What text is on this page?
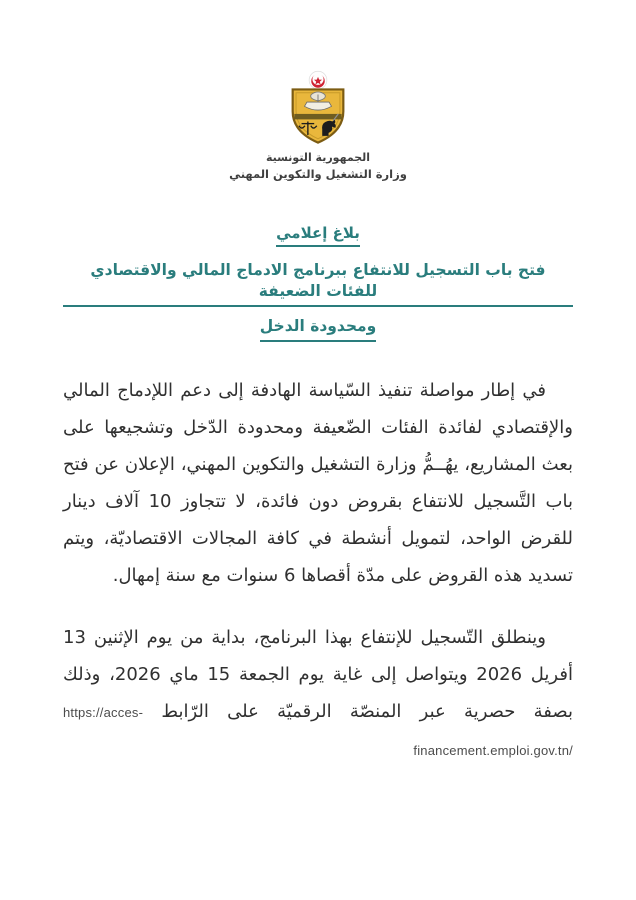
الجمهورية التونسية
وزارة التشغيل والتكوين المهني
بلاغ إعلامي
فتح باب التسجيل للانتفاع ببرنامج الادماج المالي والاقتصادي للفئات الضعيفة
ومحدودة الدخل

في إطار مواصلة تنفيذ السّياسة الهادفة إلى دعم اللإدماج المالي والإقتصادي لفائدة الفئات الضّعيفة ومحدودة الدّخل وتشجيعها على بعث المشاريع، يهُــمُّ وزارة التشغيل والتكوين المهني، الإعلان عن فتح باب التَّسجيل للانتفاع بقروض دون فائدة، لا تتجاوز 10 آلاف دينار للقرض الواحد، لتمويل أنشطة في كافة المجالات الاقتصاديّة، ويتم تسديد هذه القروض على مدّة أقصاها 6 سنوات مع سنة إمهال.

وينطلق التّسجيل للإنتفاع بهذا البرنامج، بداية من يوم الإثنين 13 أفريل 2026 ويتواصل إلى غاية يوم الجمعة 15 ماي 2026، وذلك بصفة حصرية عبر المنصّة الرقميّة على الرّابط https://acces-financement.emploi.gov.tn/
